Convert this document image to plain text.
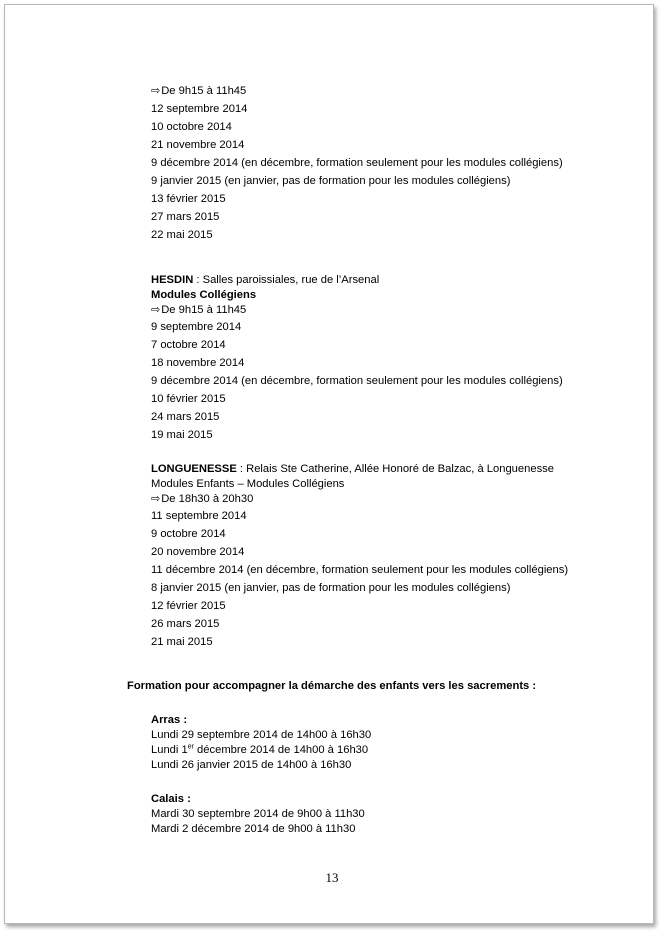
⇨De 9h15 à 11h45
12 septembre 2014
10 octobre 2014
21 novembre 2014
9 décembre 2014 (en décembre, formation seulement pour les modules collégiens)
9 janvier 2015 (en janvier, pas de formation pour les modules collégiens)
13 février 2015
27 mars 2015
22 mai 2015
HESDIN : Salles paroissiales, rue de l’Arsenal
Modules Collégiens
⇨De 9h15 à 11h45
9 septembre 2014
7 octobre 2014
18 novembre 2014
9 décembre 2014 (en décembre, formation seulement pour les modules collégiens)
10 février 2015
24 mars 2015
19 mai 2015
LONGUENESSE : Relais Ste Catherine, Allée Honoré de Balzac, à Longuenesse
Modules Enfants – Modules Collégiens
⇨De 18h30 à 20h30
11 septembre 2014
9 octobre 2014
20 novembre 2014
11 décembre 2014 (en décembre, formation seulement pour les modules collégiens)
8 janvier 2015 (en janvier, pas de formation pour les modules collégiens)
12 février 2015
26 mars 2015
21 mai 2015
Formation pour accompagner la démarche des enfants vers les sacrements :
Arras :
Lundi 29 septembre 2014 de 14h00 à 16h30
Lundi 1er décembre 2014 de 14h00 à 16h30
Lundi 26 janvier 2015 de 14h00 à 16h30
Calais :
Mardi 30 septembre 2014 de 9h00 à 11h30
Mardi 2 décembre 2014 de 9h00 à 11h30
13
